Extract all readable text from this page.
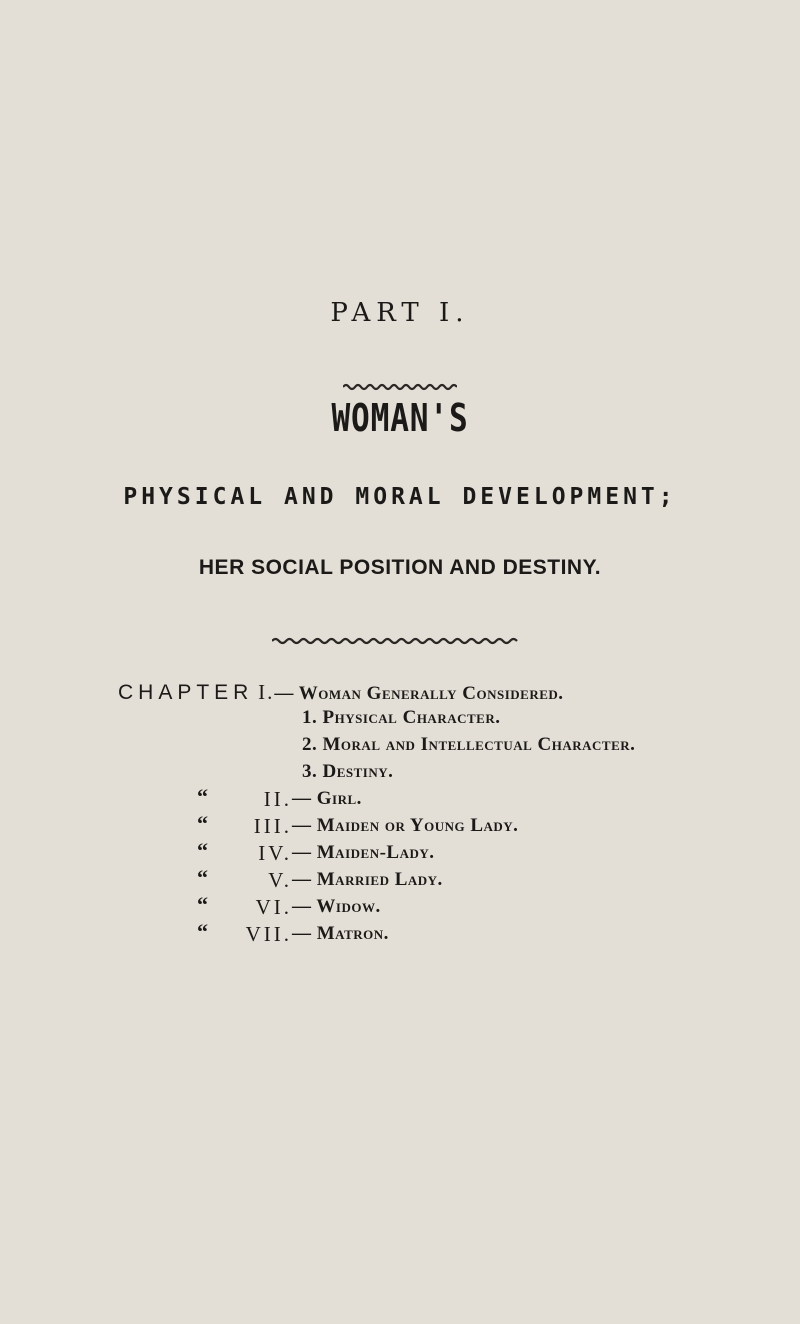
PART I.
WOMAN'S
PHYSICAL AND MORAL DEVELOPMENT;
HER SOCIAL POSITION AND DESTINY.
CHAPTER I.— Woman Generally Considered.
1. Physical Character.
2. Moral and Intellectual Character.
3. Destiny.
“	II. — Girl.
“	III. — Maiden or Young Lady.
“	IV. — Maiden-Lady.
“	V. — Married Lady.
“	VI. — Widow.
“	VII. — Matron.
